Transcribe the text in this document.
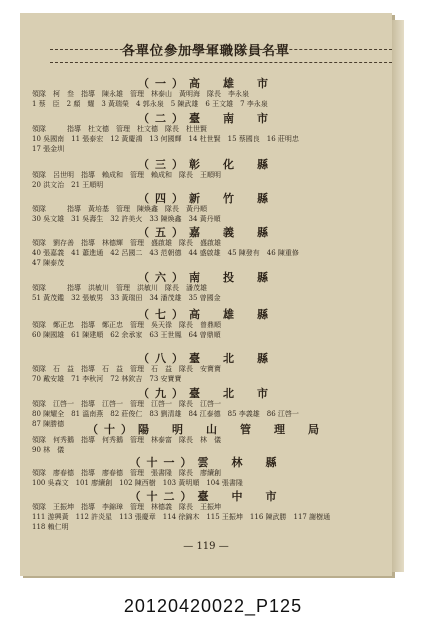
各單位參加學軍職隊員名單
（一）高　雄　市
領隊　柯　叁　指導　陳永雄　管理　林泰山　黃明海　隊長　李永泉
1 蔡　臣　2 顏　耀　3 黃瑞榮　4 郭永泉　5 陳武雄　6 王文雄　7 李永泉
（二）臺　南　市
領隊　　　指導　杜文德　管理　杜文德　隊長　杜世賢
10 吳國南　11 張泰宏　12 黃慶鴻　13 何國輝　14 杜世賢　15 蔡國良　16 莊明忠
17 張金圳
（三）彰　化　縣
領隊　呂世明　指導　賴成和　管理　賴成和　隊長　王順明
20 洪文治　21 王順明
（四）新　竹　縣
領隊　　　指導　黃培基　管理　陳煥鑫　隊長　黃丹順
30 吳文雄　31 吳壽生　32 許美火　33 陳煥鑫　34 黃丹順
（五）嘉　義　縣
領隊　劉存善　指導　林德輝　管理　盛啟雄　隊長　盛啟雄
40 張嘉義　41 蕭進通　42 呂國二　43 范朝德　44 盛啟雄　45 陳發有　46 陳重修
47 陳泰茂
（六）南　投　縣
領隊　　　指導　洪敏川　管理　洪敏川　隊長　潘茂雄
51 黃茂鑑　32 張敏男　33 黃瑞田　34 潘茂雄　35 曾國金
（七）高　雄　縣
領隊　鄭正忠　指導　鄭正忠　管理　吳天祿　隊長　曾鼎順
60 陳國雄　61 陳建順　62 余承家　63 王世鳳　64 曾鼎順
（八）臺　北　縣
領隊　石　益　指導　石　益　管理　石　益　隊長　安寶寶
70 戴安雄　71 李秋河　72 林欽吉　73 安寶寶
（九）臺　北　市
領隊　江啓一　指導　江啓一　管理　江啓一　隊長　江啓一
80 陳耀全　81 溫南燕　82 莊俊仁　83 劉清雄　84 江泰德　85 李義雄　86 江啓一
87 陳勝德	（十）陽　明　山　管　理　局
領隊　何秀鵝　指導　何秀鵝　管理　林泰富　隊長　林　儀
90 林　儀
（十一）雲　林　縣
領隊　廖春德　指導　廖春德　管理　張書隆　隊長　廖續創
100 吳森文　101 廖續創　102 陳西樹　103 黃明順　104 張書隆
（十二）臺　中　市
領隊　王振坤　指導　李錦璋　管理　林德義　隊長　王振坤
111 游興黃　112 許炎星　113 張慶章　114 徐錦木　115 王振坤　116 陳武勝　117 謝樹通
118 賴仁明
— 119 —
20120420022_P125
